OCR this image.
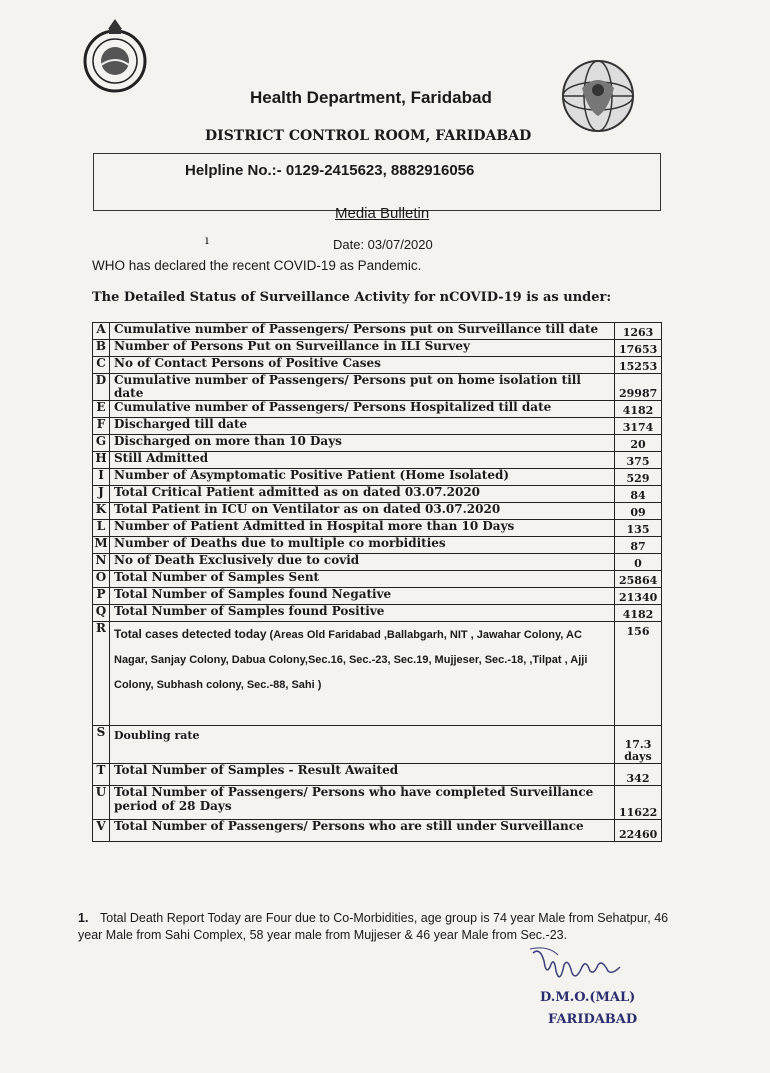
Health Department, Faridabad
DISTRICT CONTROL ROOM, FARIDABAD
Helpline No.:- 0129-2415623, 8882916056
Media Bulletin
ı	Date: 03/07/2020
WHO has declared the recent COVID-19 as Pandemic.
The Detailed Status of Surveillance Activity for nCOVID-19 is as under:
A	Cumulative number of Passengers/ Persons put on Surveillance till date	1263
B	Number of Persons Put on Surveillance in ILI Survey	17653
C	No of Contact Persons of Positive Cases	15253
D	Cumulative number of Passengers/ Persons put on home isolation till date	29987
E	Cumulative number of Passengers/ Persons Hospitalized till date	4182
F	Discharged till date	3174
G	Discharged on more than 10 Days	20
H	Still Admitted	375
I	Number of Asymptomatic Positive Patient (Home Isolated)	529
J	Total Critical Patient admitted as on dated 03.07.2020	84
K	Total Patient in ICU on Ventilator as on dated 03.07.2020	09
L	Number of Patient Admitted in Hospital more than 10 Days	135
M	Number of Deaths due to multiple co morbidities	87
N	No of Death Exclusively due to covid	0
O	Total Number of Samples Sent	25864
P	Total Number of Samples found Negative	21340
Q	Total Number of Samples found Positive	4182
R	Total cases detected today (Areas Old Faridabad ,Ballabgarh, NIT , Jawahar Colony, AC Nagar, Sanjay Colony, Dabua Colony,Sec.16, Sec.-23, Sec.19, Mujjeser, Sec.-18, ,Tilpat , Ajji Colony, Subhash colony, Sec.-88, Sahi )	156
S	Doubling rate	17.3 days
T	Total Number of Samples - Result Awaited	342
U	Total Number of Passengers/ Persons who have completed Surveillance period of 28 Days	11622
V	Total Number of Passengers/ Persons who are still under Surveillance	22460
1. Total Death Report Today are Four due to Co-Morbidities, age group is 74 year Male from Sehatpur, 46 year Male from Sahi Complex, 58 year male from Mujjeser & 46 year Male from Sec.-23.
D.M.O.(MAL)
FARIDABAD
